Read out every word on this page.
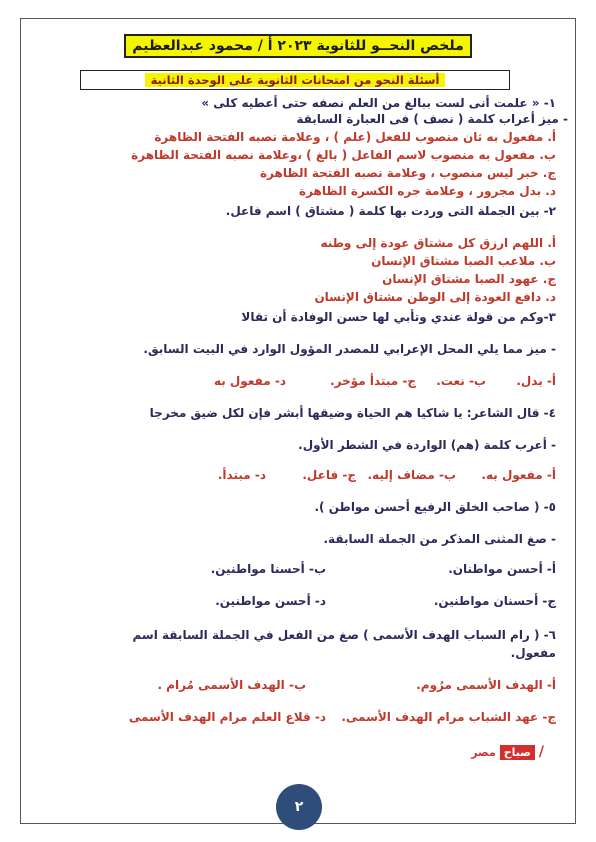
ملخص النحــو للثانوية ٢٠٢٣ أ / محمود عبدالعظيم
أسئلة النحو من امتحانات الثانوية على الوحدة الثانية
١- « علمت أنى لست ببالغ من العلم نصفه حتى أعطيه كلى »
- ميز أعراب كلمة ( نصف ) فى العبارة السابقة
أ. مفعول به ثان منصوب للفعل (علم ) ، وعلامة نصبه الفتحة الظاهرة
ب. مفعول به منصوب لاسم الفاعل ( بالغ ) ،وعلامة نصبه الفتحة الظاهرة
ج. خبر ليس منصوب ، وعلامة نصبه الفتحة الظاهرة
د. بدل مجرور ، وعلامة جره الكسرة الظاهرة
٢- بين الجملة التى وردت بها كلمة ( مشتاق ) اسم فاعل.
أ. اللهم ارزق كل مشتاق عودة إلى وطنه
ب. ملاعب الصبا مشتاق الإنسان
ج. عهود الصبا مشتاق الإنسان
د. دافع العودة إلى الوطن مشتاق الإنسان
٣-وكم من قولة عندي وتأبي لها حسن الوفادة أن تقالا
- ميز مما يلي المحل الإعرابي للمصدر المؤول الوارد في البيت السابق.
أ- بدل.
ب- نعت.
ج- مبتدأ مؤخر.
د- مفعول به
٤- قال الشاعر: يا شاكيا هم الحياة وضيقها أبشر فإن لكل ضيق مخرجا
- أعرب كلمة (هم) الواردة في الشطر الأول.
أ- مفعول به.
ب- مضاف إليه.
ج- فاعل.
د- مبتدأ.
٥- ( صاحب الخلق الرفيع أحسن مواطن ).
- صغ المثنى المذكر من الجملة السابقة.
أ- أحسن مواطنان.
ب- أحسنا مواطنين.
ج- أحسنان مواطنين.
د- أحسن مواطنين.
٦- ( رام السباب الهدف الأسمى ) صغ من الفعل في الجملة السابقة اسم
مفعول.
أ- الهدف الأسمى مرُوم.
ب- الهدف الأسمى مُرام .
ج- عهد الشباب مرام الهدف الأسمى.
د- قلاع العلم مرام الهدف الأسمى
/
صباح
مصر
٢
